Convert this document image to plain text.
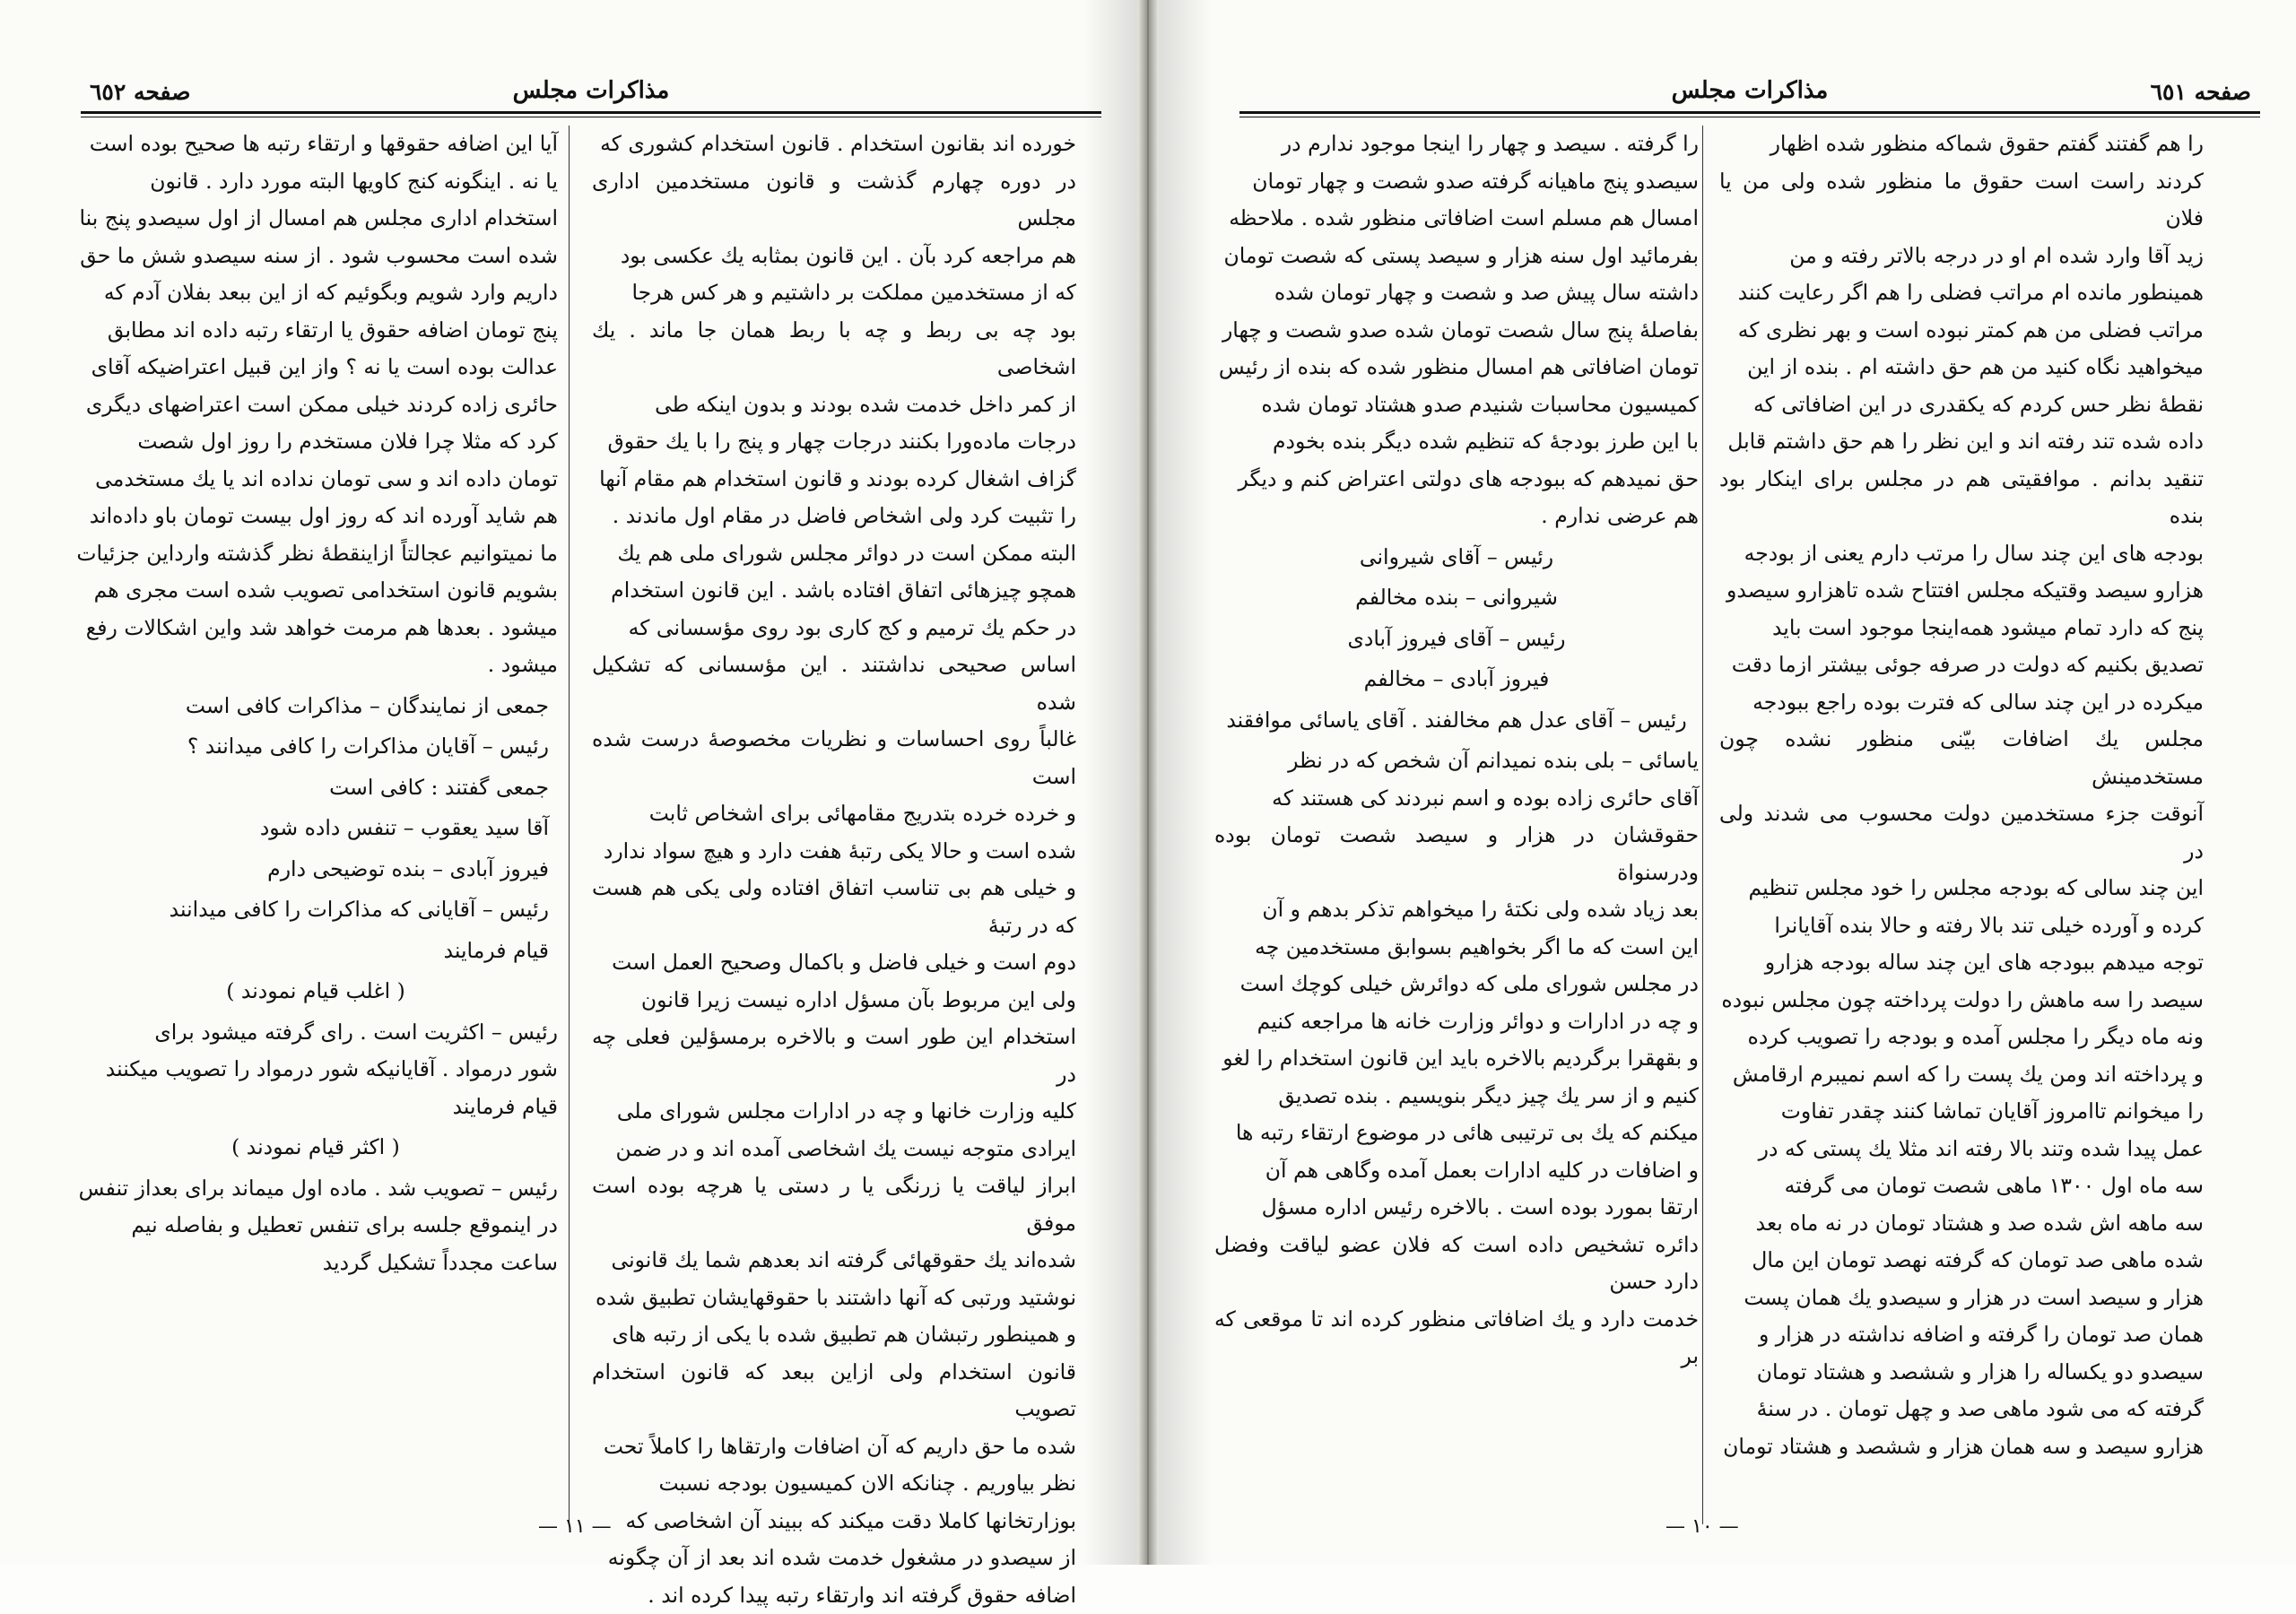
مذاكرات مجلس
صفحه ٦٥٢

خورده اند بقانون استخدام . قانون استخدام كشورى كه

در دوره چهارم گذشت و قانون مستخدمين ادارى مجلس

هم مراجعه كرد بآن . اين قانون بمثابه يك عكسى بود

كه از مستخدمين مملكت بر داشتيم و هر كس هرجا

بود چه بى ربط و چه با ربط همان جا ماند . يك اشخاصى

از كمر داخل خدمت شده بودند و بدون اينكه طى

درجات ماده‌ورا بكنند درجات چهار و پنج را با يك حقوق

گزاف اشغال كرده بودند و قانون استخدام هم مقام آنها

را تثبيت كرد ولى اشخاص فاضل در مقام اول ماندند .

البته ممكن است در دوائر مجلس شوراى ملى هم يك

همچو چيزهائى اتفاق افتاده باشد . اين قانون استخدام

در حكم يك ترميم و كج كارى بود روى مؤسسانى كه

اساس صحيحى نداشتند . اين مؤسسانى كه تشكيل شده

غالباً روى احساسات و نظريات مخصوصهٔ درست شده است

و خرده خرده بتدريج مقامهائى براى اشخاص ثابت

شده است و حالا يكى رتبهٔ هفت دارد و هيچ سواد ندارد

و خيلى هم بى تناسب اتفاق افتاده ولى يكى هم هست كه در رتبهٔ

دوم است و خيلى فاضل و باكمال وصحيح العمل است

ولى اين مربوط بآن مسؤل اداره نيست زيرا قانون

استخدام اين طور است و بالاخره برمسؤلين فعلى چه در

كليه وزارت خانها و چه در ادارات مجلس شوراى ملى

ايرادى متوجه نيست يك اشخاصى آمده اند و در ضمن

ابراز لياقت يا زرنگى يا ر دستى يا هرچه بوده است موفق

شده‌اند يك حقوقهائى گرفته اند بعدهم شما يك قانونى

نوشتيد ورتبى كه آنها داشتند با حقوقهايشان تطبيق شده

و همينطور رتبشان هم تطبيق شده با يكى از رتبه هاى

قانون استخدام ولى ازاين ببعد كه قانون استخدام تصويب

شده ما حق داريم كه آن اضافات وارتقاها را كاملاً تحت

نظر بياوريم . چنانكه الان كميسيون بودجه نسبت

بوزارتخانها كاملا دقت ميكند كه ببيند آن اشخاصى كه

از سيصدو در مشغول خدمت شده اند بعد از آن چگونه

اضافه حقوق گرفته اند وارتقاء رتبه پيدا كرده اند .

آيا اين اضافه حقوقها و ارتقاء رتبه ها صحيح بوده است

يا نه . اينگونه كنج كاويها البته مورد دارد . قانون

استخدام ادارى مجلس هم امسال از اول سيصدو پنج بنا

شده است محسوب شود . از سنه سيصدو شش ما حق

داريم وارد شويم وبگوئيم كه از اين ببعد بفلان آدم كه

پنج تومان اضافه حقوق يا ارتقاء رتبه داده اند مطابق

عدالت بوده است يا نه ؟ واز اين قبيل اعتراضيكه آقاى

حائرى زاده كردند خيلى ممكن است اعتراضهاى ديگرى

كرد كه مثلا چرا فلان مستخدم را روز اول شصت

تومان داده اند و سى تومان نداده اند يا يك مستخدمى

هم شايد آورده اند كه روز اول بيست تومان باو داده‌اند

ما نميتوانيم عجالتاً ازاينقطهٔ نظر گذشته وارداين جزئيات

بشويم قانون استخدامى تصويب شده است مجرى هم

ميشود . بعدها هم مرمت خواهد شد واين اشكالات رفع

ميشود .

جمعى از نمايندگان – مذاكرات كافى است

رئيس – آقايان مذاكرات را كافى ميدانند ؟

جمعى گفتند : كافى است

آقا سيد يعقوب – تنفس داده شود

فيروز آبادى – بنده توضيحى دارم

رئيس – آقايانى كه مذاكرات را كافى ميدانند

قيام فرمايند

( اغلب قيام نمودند )

رئيس – اكثريت است . راى گرفته ميشود براى

شور درمواد . آقايانيكه شور درمواد را تصويب ميكنند

قيام فرمايند

( اكثر قيام نمودند )

رئيس – تصويب شد . ماده اول ميماند براى بعداز تنفس

در اينموقع جلسه براى تنفس تعطيل و بفاصله نيم

ساعت مجدداً تشكيل گرديد

— ١١ —
مذاكرات مجلس	صفحه ٦٥١

را هم گفتند گفتم حقوق شماكه منظور شده اظهار

كردند راست است حقوق ما منظور شده ولى من يا فلان

زيد آقا وارد شده ام او در درجه بالاتر رفته و من

همينطور مانده ام مراتب فضلى را هم اگر رعايت كنند

مراتب فضلى من هم كمتر نبوده است و بهر نظرى كه

ميخواهيد نگاه كنيد من هم حق داشته ام . بنده از اين

نقطهٔ نظر حس كردم كه يكقدرى در اين اضافاتى كه

داده شده تند رفته اند و اين نظر را هم حق داشتم قابل

تنقيد بدانم . موافقيتى هم در مجلس براى اينكار بود بنده

بودجه هاى اين چند سال را مرتب دارم يعنى از بودجه

هزارو سيصد وقتيكه مجلس افتتاح شده تاهزارو سيصدو

پنج كه دارد تمام ميشود همه‌اينجا موجود است بايد

تصديق بكنيم كه دولت در صرفه جوئى بيشتر ازما دقت

ميكرده در اين چند سالى كه فترت بوده راجع ببودجه

مجلس يك اضافات بيّنى منظور نشده چون مستخدمينش

آنوقت جزء مستخدمين دولت محسوب مى شدند ولى در

اين چند سالى كه بودجه مجلس را خود مجلس تنظيم

كرده و آورده خيلى تند بالا رفته و حالا بنده آقايانرا

توجه ميدهم ببودجه هاى اين چند ساله بودجه هزارو

سيصد را سه ماهش را دولت پرداخته چون مجلس نبوده

ونه ماه ديگر را مجلس آمده و بودجه را تصويب كرده

و پرداخته اند ومن يك پست را كه اسم نميبرم ارقامش

را ميخوانم تاامروز آقايان تماشا كنند چقدر تفاوت

عمل پيدا شده وتند بالا رفته اند مثلا يك پستى كه در

سه ماه اول ۱۳۰۰ ماهى شصت تومان مى گرفته

سه ماهه اش شده صد و هشتاد تومان در نه ماه بعد

شده ماهى صد تومان كه گرفته نهصد تومان اين مال

هزار و سيصد است در هزار و سيصدو يك همان پست

همان صد تومان را گرفته و اضافه نداشته در هزار و

سيصدو دو يكساله را هزار و ششصد و هشتاد تومان

گرفته كه مى شود ماهى صد و چهل تومان . در سنهٔ

هزارو سيصد و سه همان هزار و ششصد و هشتاد تومان

را گرفته . سيصد و چهار را اينجا موجود ندارم در

سيصدو پنج ماهيانه گرفته صدو شصت و چهار تومان

امسال هم مسلم است اضافاتى منظور شده . ملاحظه

بفرمائيد اول سنه هزار و سيصد پستى كه شصت تومان

داشته سال پيش صد و شصت و چهار تومان شده

بفاصلهٔ پنج سال شصت تومان شده صدو شصت و چهار

تومان اضافاتى هم امسال منظور شده كه بنده از رئيس

كميسيون محاسبات شنيدم صدو هشتاد تومان شده

با اين طرز بودجهٔ كه تنظيم شده ديگر بنده بخودم

حق نميدهم كه ببودجه هاى دولتى اعتراض كنم و ديگر

هم عرضى ندارم .

رئيس – آقاى شيروانى

شيروانى – بنده مخالفم

رئيس – آقاى فيروز آبادى

فيروز آبادى – مخالفم

رئيس – آقاى عدل هم مخالفند . آقاى ياسائى موافقند

ياسائى – بلى بنده نميدانم آن شخص كه در نظر

آقاى حائرى زاده بوده و اسم نبردند كى هستند كه

حقوقشان در هزار و سيصد شصت تومان بوده ودرسنواة

بعد زياد شده ولى نكتهٔ را ميخواهم تذكر بدهم و آن

اين است كه ما اگر بخواهيم بسوابق مستخدمين چه

در مجلس شوراى ملى كه دوائرش خيلى كوچك است

و چه در ادارات و دوائر وزارت خانه ها مراجعه كنيم

و بقهقرا برگرديم بالاخره بايد اين قانون استخدام را لغو

كنيم و از سر يك چيز ديگر بنويسيم . بنده تصديق

ميكنم كه يك بى ترتيبى هائى در موضوع ارتقاء رتبه ها

و اضافات در كليه ادارات بعمل آمده وگاهى هم آن

ارتقا بمورد بوده است . بالاخره رئيس اداره مسؤل

دائره تشخيص داده است كه فلان عضو لياقت وفضل دارد حسن

خدمت دارد و يك اضافاتى منظور كرده اند تا موقعى كه بر

— ١٠ —
